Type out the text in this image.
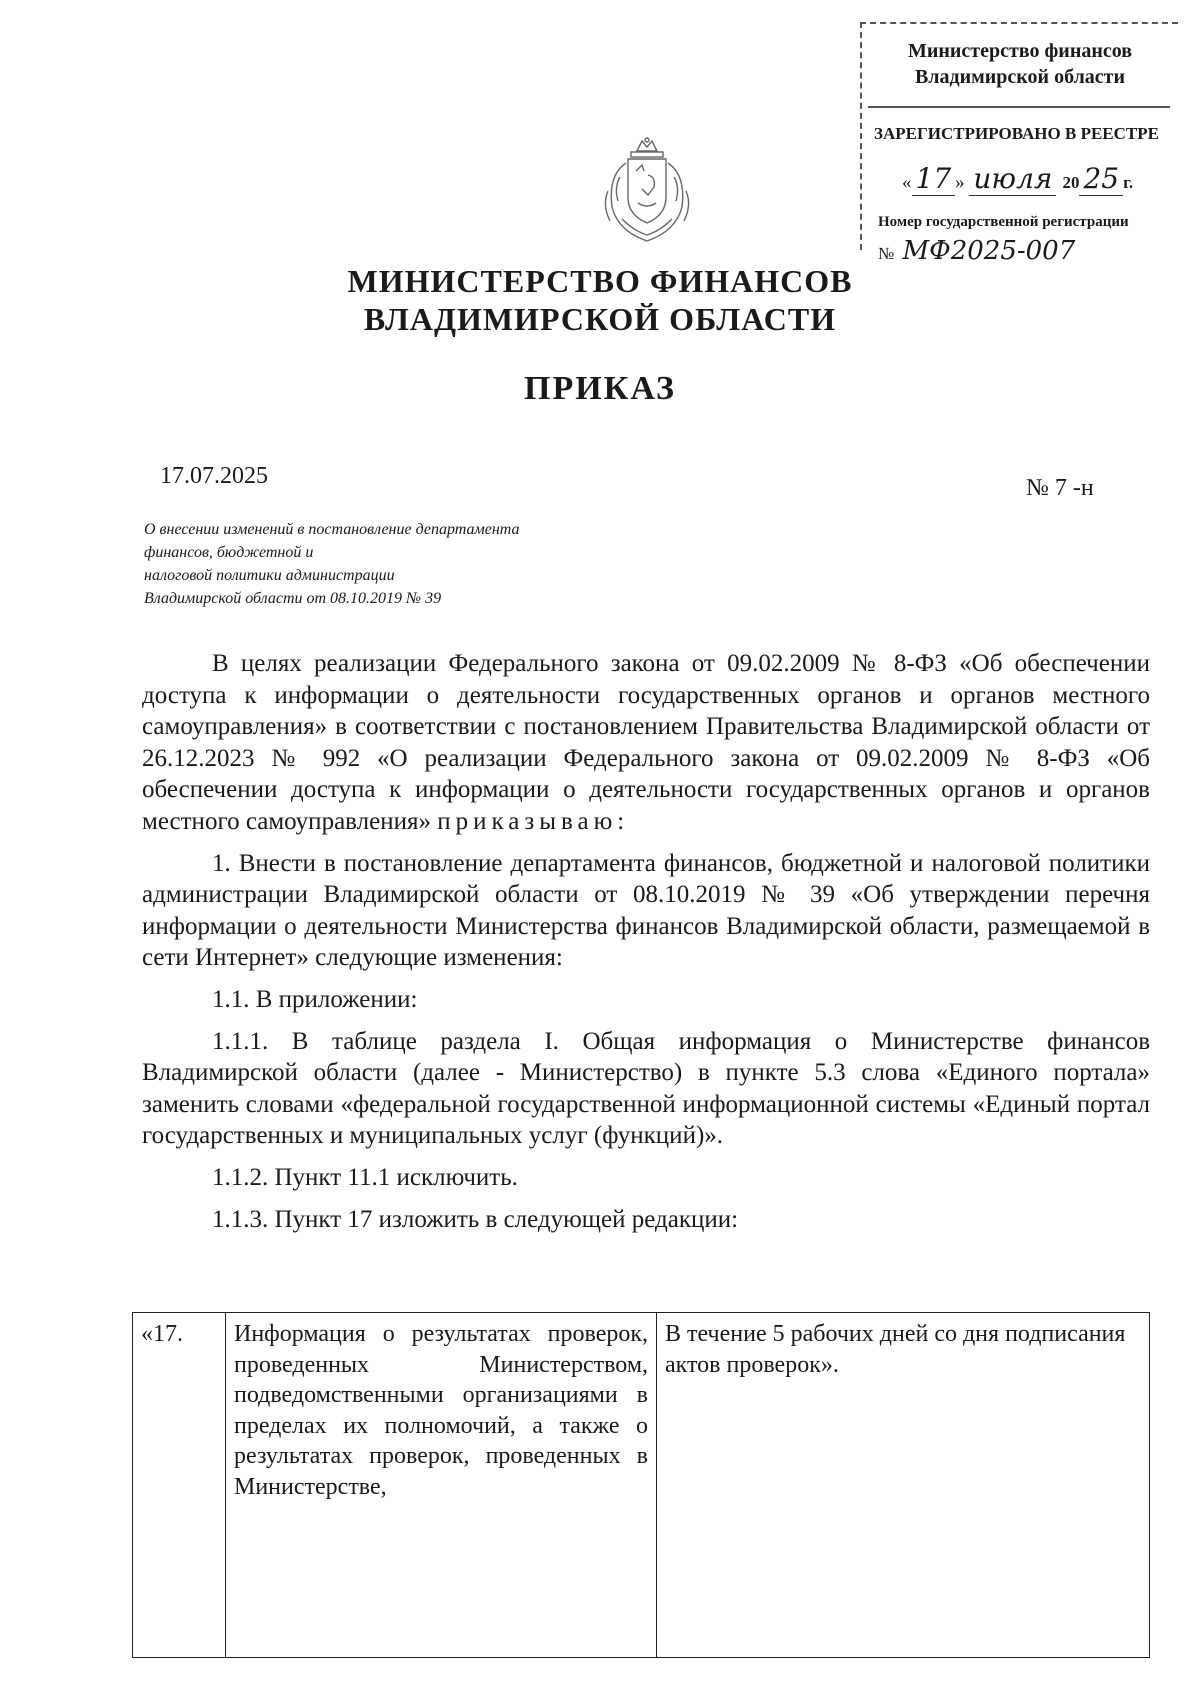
Министерство финансов
Владимирской области
ЗАРЕГИСТРИРОВАНО В РЕЕСТРЕ
« 17 » июля 20 25 г.
Номер государственной регистрации
№ МФ2025-007
МИНИСТЕРСТВО ФИНАНСОВ
ВЛАДИМИРСКОЙ ОБЛАСТИ
ПРИКАЗ
17.07.2025	№ 7 -н
О внесении изменений в постановление департамента
финансов, бюджетной и
налоговой политики администрации
Владимирской области от 08.10.2019 № 39

В целях реализации Федерального закона от 09.02.2009 № 8-ФЗ «Об обеспечении доступа к информации о деятельности государственных органов и органов местного самоуправления» в соответствии с постановлением Правительства Владимирской области от 26.12.2023 № 992 «О реализации Федерального закона от 09.02.2009 № 8-ФЗ «Об обеспечении доступа к информации о деятельности государственных органов и органов местного самоуправления» приказываю:

1. Внести в постановление департамента финансов, бюджетной и налоговой политики администрации Владимирской области от 08.10.2019 № 39 «Об утверждении перечня информации о деятельности Министерства финансов Владимирской области, размещаемой в сети Интернет» следующие изменения:

1.1. В приложении:

1.1.1. В таблице раздела I. Общая информация о Министерстве финансов Владимирской области (далее - Министерство) в пункте 5.3 слова «Единого портала» заменить словами «федеральной государственной информационной системы «Единый портал государственных и муниципальных услуг (функций)».

1.1.2. Пункт 11.1 исключить.

1.1.3. Пункт 17 изложить в следующей редакции:

«17.	Информация о результатах проверок, проведенных Министерством, подведомственными организациями в пределах их полномочий, а также о результатах проверок, проведенных в Министерстве,	В течение 5 рабочих дней со дня подписания актов проверок».
